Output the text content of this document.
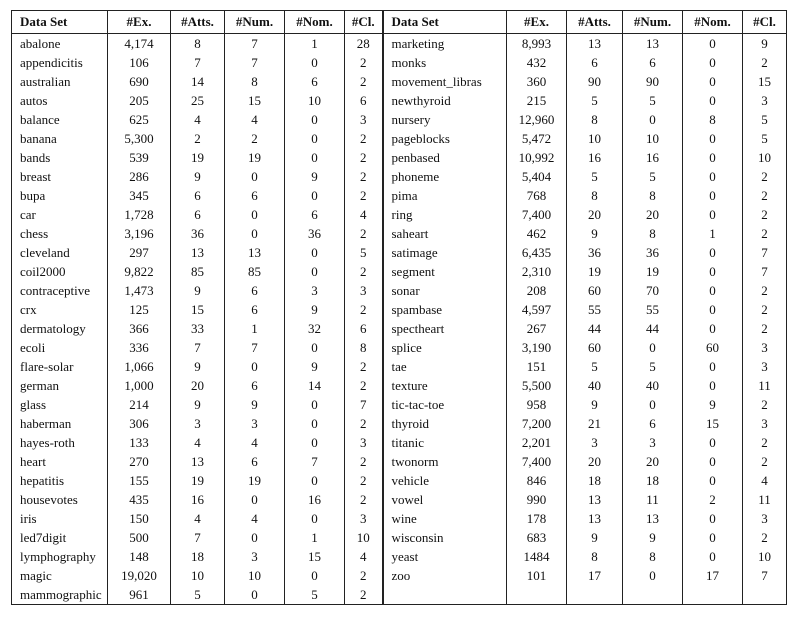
Data Set	#Ex.	#Atts.	#Num.	#Nom.	#Cl.	Data Set	#Ex.	#Atts.	#Num.	#Nom.	#Cl.
abalone	4,174	8	7	1	28	marketing	8,993	13	13	0	9
appendicitis	106	7	7	0	2	monks	432	6	6	0	2
australian	690	14	8	6	2	movement_libras	360	90	90	0	15
autos	205	25	15	10	6	newthyroid	215	5	5	0	3
balance	625	4	4	0	3	nursery	12,960	8	0	8	5
banana	5,300	2	2	0	2	pageblocks	5,472	10	10	0	5
bands	539	19	19	0	2	penbased	10,992	16	16	0	10
breast	286	9	0	9	2	phoneme	5,404	5	5	0	2
bupa	345	6	6	0	2	pima	768	8	8	0	2
car	1,728	6	0	6	4	ring	7,400	20	20	0	2
chess	3,196	36	0	36	2	saheart	462	9	8	1	2
cleveland	297	13	13	0	5	satimage	6,435	36	36	0	7
coil2000	9,822	85	85	0	2	segment	2,310	19	19	0	7
contraceptive	1,473	9	6	3	3	sonar	208	60	70	0	2
crx	125	15	6	9	2	spambase	4,597	55	55	0	2
dermatology	366	33	1	32	6	spectheart	267	44	44	0	2
ecoli	336	7	7	0	8	splice	3,190	60	0	60	3
flare-solar	1,066	9	0	9	2	tae	151	5	5	0	3
german	1,000	20	6	14	2	texture	5,500	40	40	0	11
glass	214	9	9	0	7	tic-tac-toe	958	9	0	9	2
haberman	306	3	3	0	2	thyroid	7,200	21	6	15	3
hayes-roth	133	4	4	0	3	titanic	2,201	3	3	0	2
heart	270	13	6	7	2	twonorm	7,400	20	20	0	2
hepatitis	155	19	19	0	2	vehicle	846	18	18	0	4
housevotes	435	16	0	16	2	vowel	990	13	11	2	11
iris	150	4	4	0	3	wine	178	13	13	0	3
led7digit	500	7	0	1	10	wisconsin	683	9	9	0	2
lymphography	148	18	3	15	4	yeast	1484	8	8	0	10
magic	19,020	10	10	0	2	zoo	101	17	0	17	7
mammographic	961	5	0	5	2						
